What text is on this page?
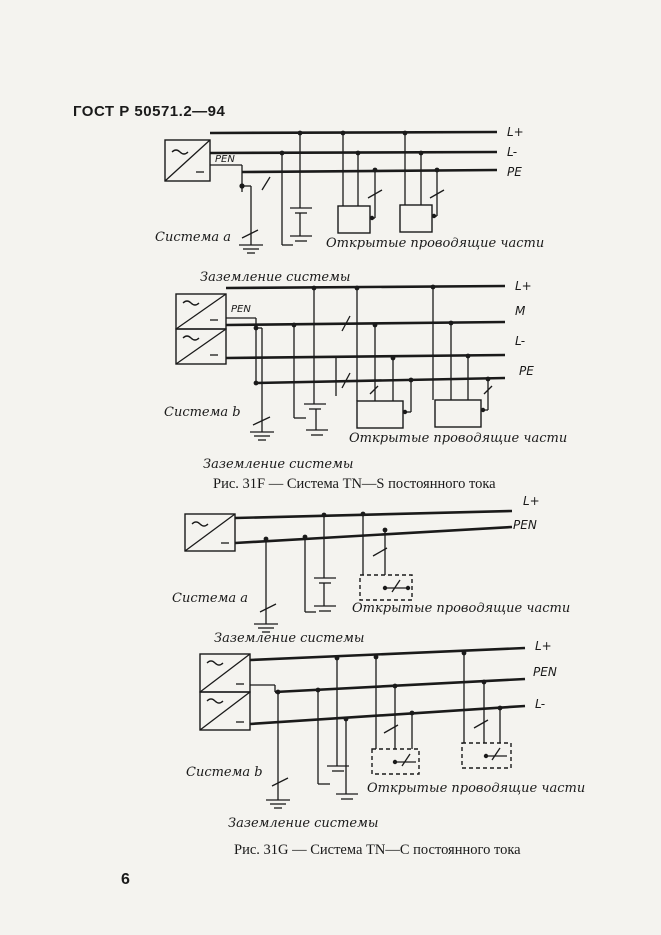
ГОСТ Р 50571.2—94
L+
L-
PE
PEN
Система a	Открытые проводящие части
Заземление системы
L+
M
L-
PE
PEN
Система b
Открытые проводящие части
Заземление системы
L+
PEN
Система a
Открытые проводящие части
Заземление системы	L+
PEN
L-
Система b
Открытые проводящие части
Заземление системы
Рис. 31F — Система TN—S постоянного тока
Рис. 31G — Система TN—C постоянного тока
6
